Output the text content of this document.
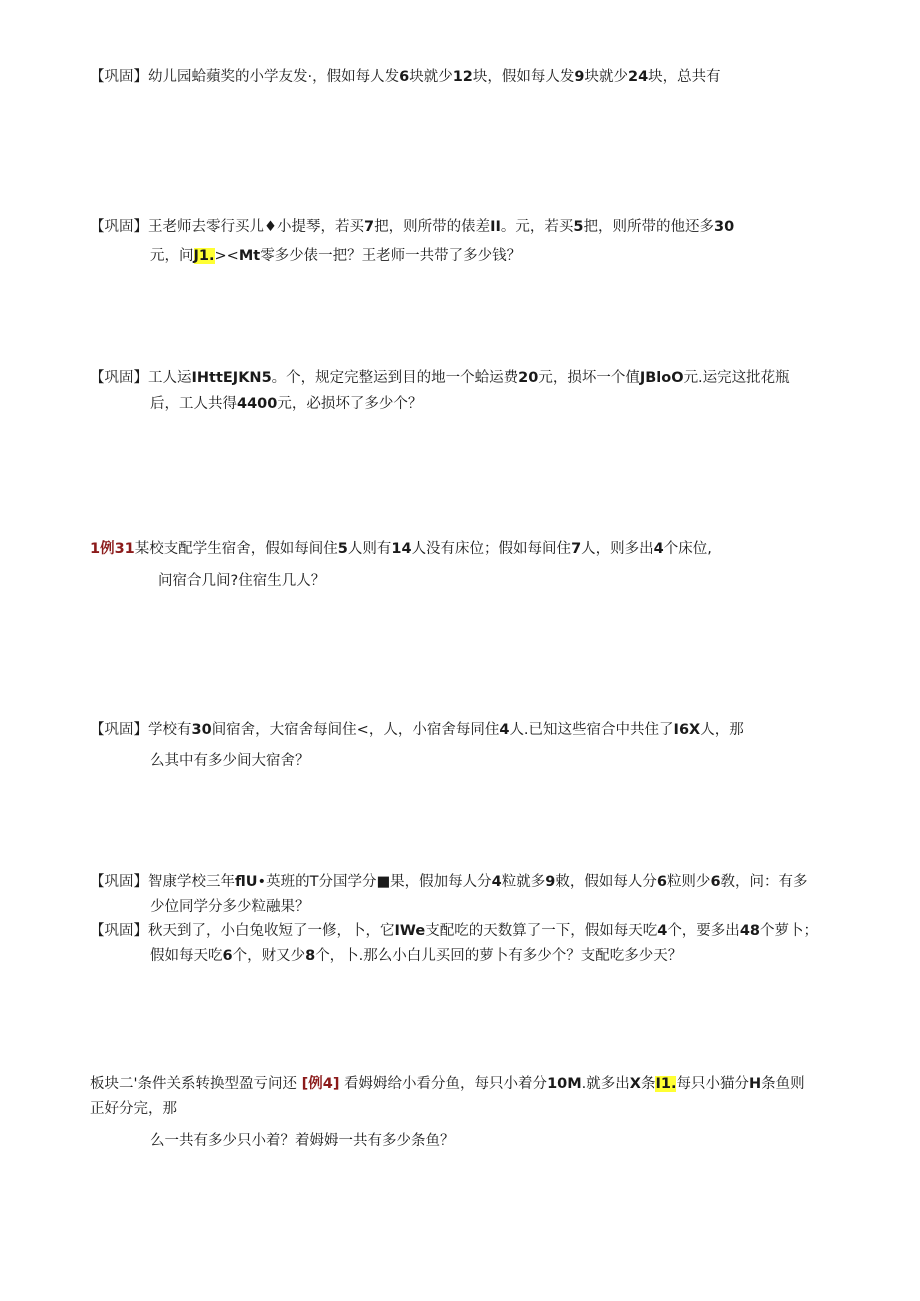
【巩固】幼儿园蛤蘋奖的小学友发·，假如每人发6块就少12块，假如每人发9块就少24块，总共有
【巩固】王老师去零行买儿♦小提琴，若买7把，则所带的俵差II。元，若买5把，则所带的他还多30
元，问J1.><Mt零多少俵一把？王老师一共带了多少钱？
【巩固】工人运IHttEJKN5。个，规定完整运到目的地一个蛤运费20元，损坏一个值JBloO元.运完这批花瓶
后，工人共得4400元，必损坏了多少个？
1例31某校支配学生宿舍，假如每间住5人则有14人没有床位；假如每间住7人，则多出4个床位,
问宿合几间?住宿生几人？
【巩固】学校有30间宿舍，大宿舍每间住<，人，小宿舍每同住4人.已知这些宿合中共住了I6X人，那
么其中有多少间大宿舍？
【巩固】智康学校三年flU•英班的T分国学分■果，假加每人分4粒就多9敕，假如每人分6粒则少6敎，问：有多
少位同学分多少粒融果？
【巩固】秋天到了，小白兔收短了一修，卜，它IWe支配吃的天数算了一下，假如每天吃4个，要多出48个萝卜；
假如每天吃6个，财又少8个，卜.那么小白儿买回的萝卜有多少个？支配吃多少天？
板块二'条件关系转换型盈亏问还 [例4] 看姆姆给小看分鱼，每只小着分10M.就多出X条I1.每只小猫分H条鱼则
正好分完，那
么一共有多少只小着？着姆姆一共有多少条鱼？
